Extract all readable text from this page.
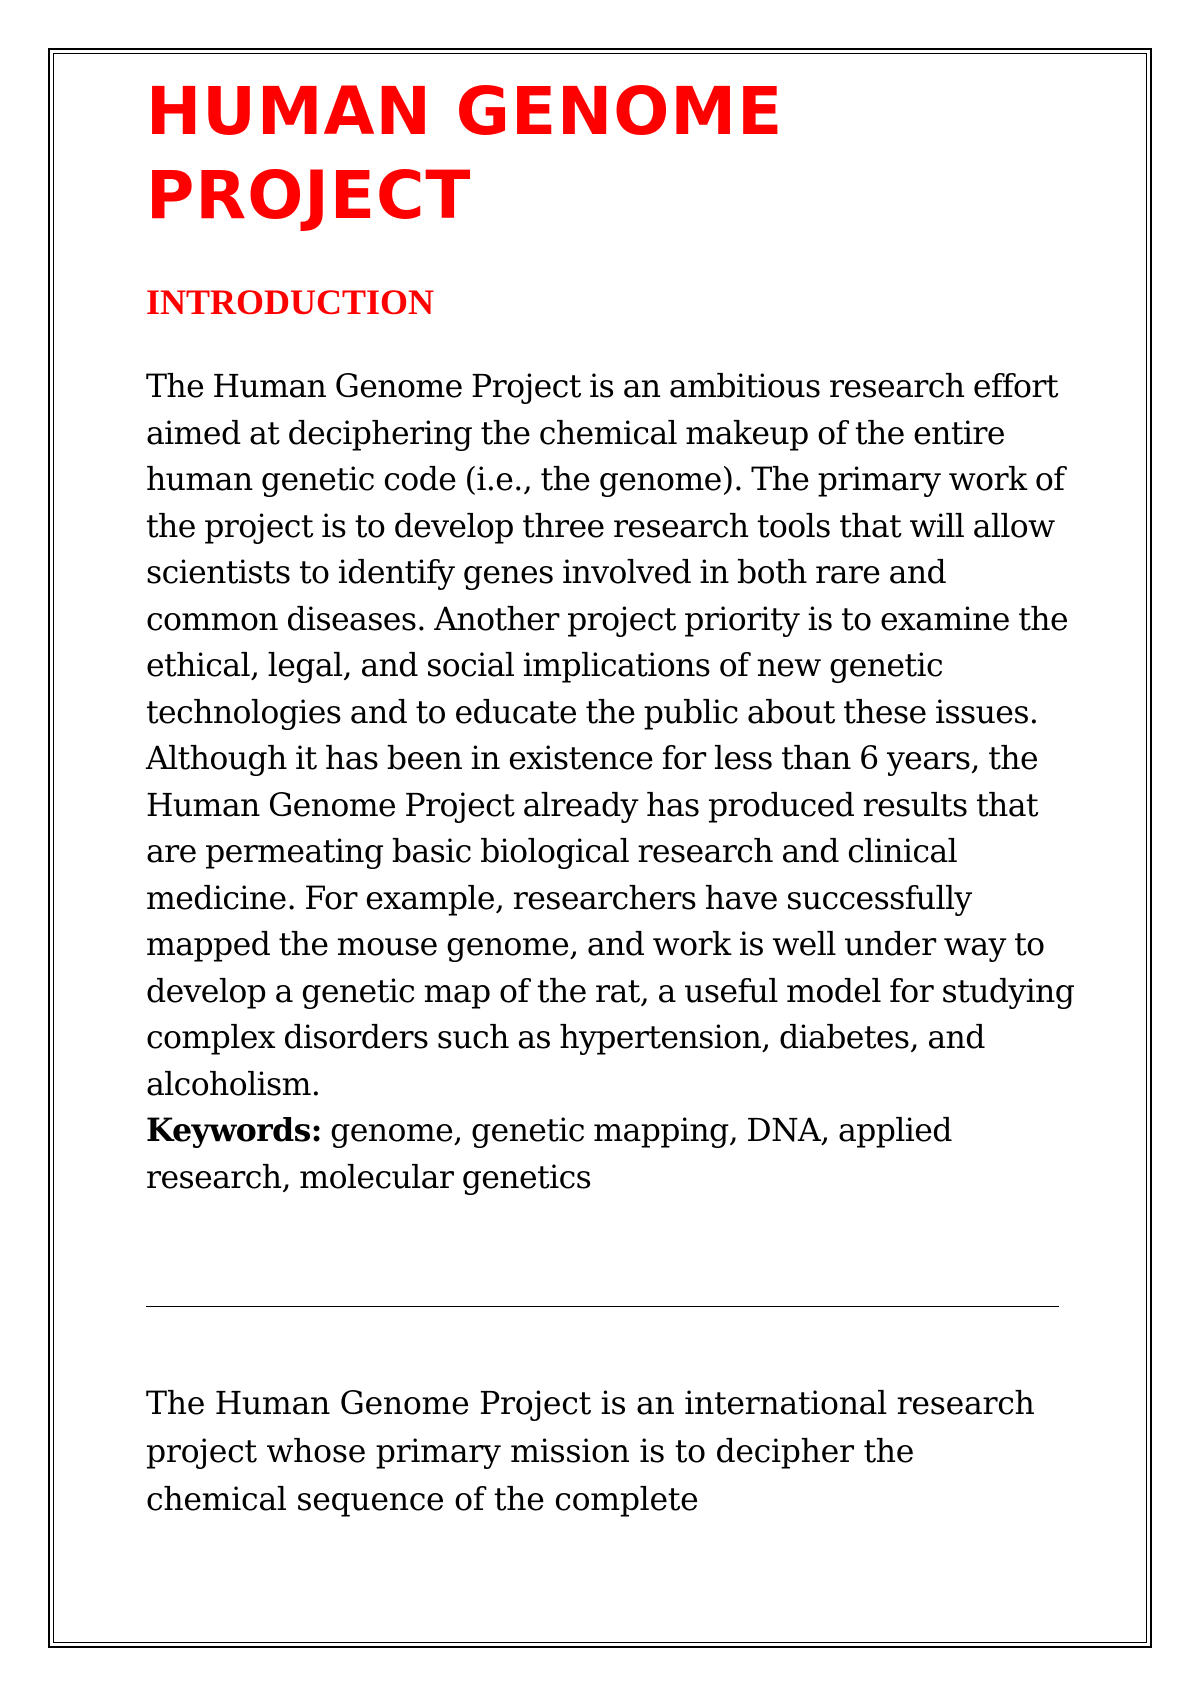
HUMAN GENOME PROJECT
INTRODUCTION

The Human Genome Project is an ambitious research effort aimed at deciphering the chemical makeup of the entire human genetic code (i.e., the genome). The primary work of the project is to develop three research tools that will allow scientists to identify genes involved in both rare and common diseases. Another project priority is to examine the ethical, legal, and social implications of new genetic technologies and to educate the public about these issues. Although it has been in existence for less than 6 years, the Human Genome Project already has produced results that are permeating basic biological research and clinical medicine. For example, researchers have successfully mapped the mouse genome, and work is well under way to develop a genetic map of the rat, a useful model for studying complex disorders such as hypertension, diabetes, and alcoholism.

Keywords: genome, genetic mapping, DNA, applied research, molecular genetics

The Human Genome Project is an international research project whose primary mission is to decipher the chemical sequence of the complete
